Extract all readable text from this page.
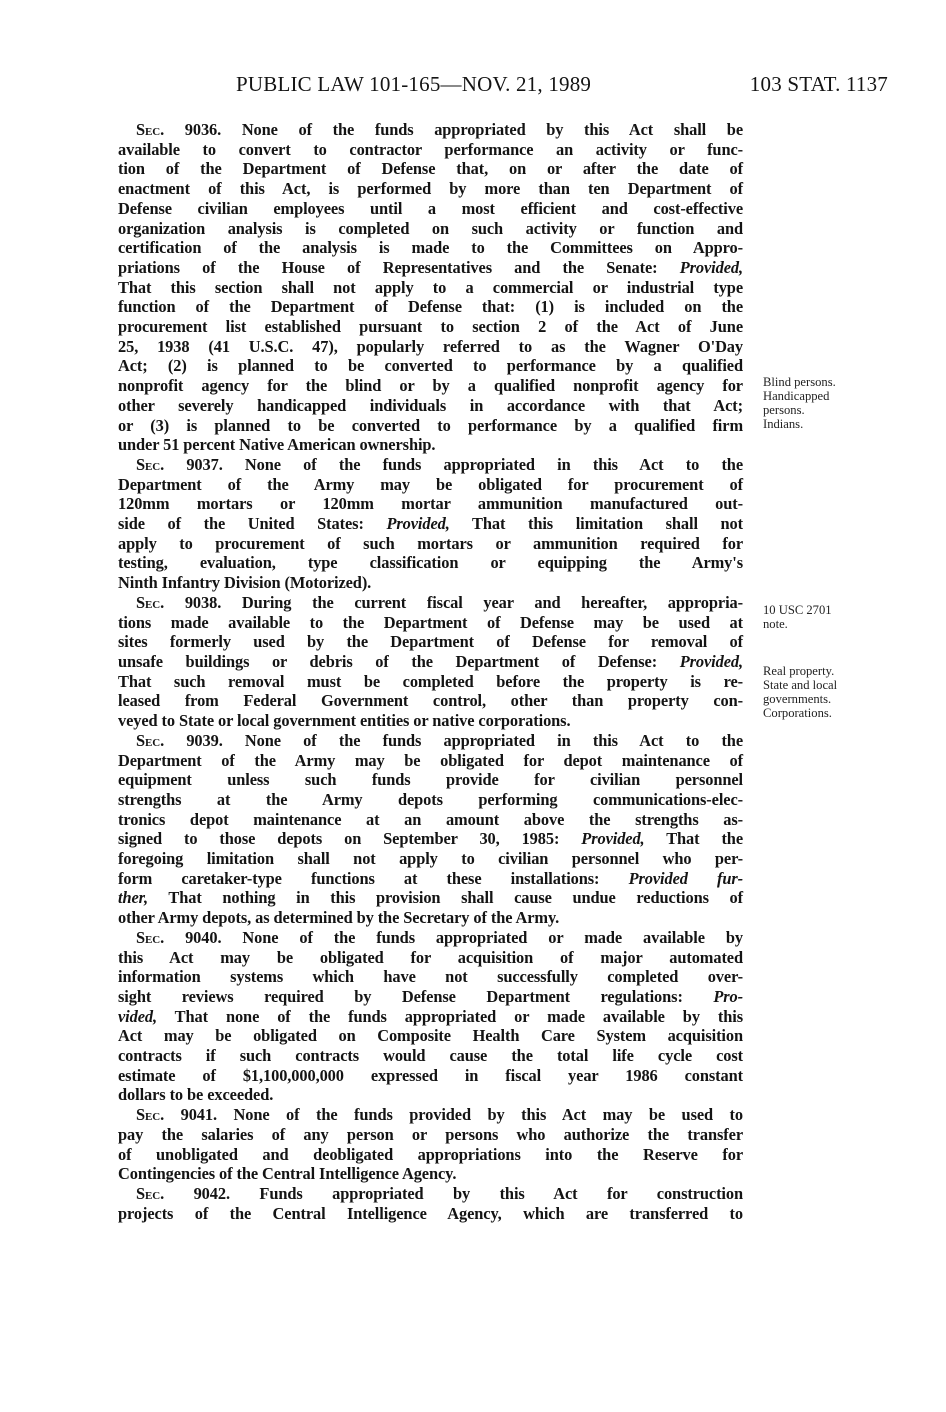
PUBLIC LAW 101-165—NOV. 21, 1989	103 STAT. 1137
Sec. 9036. None of the funds appropriated by this Act shall be
available to convert to contractor performance an activity or func-
tion of the Department of Defense that, on or after the date of
enactment of this Act, is performed by more than ten Department of
Defense civilian employees until a most efficient and cost-effective
organization analysis is completed on such activity or function and
certification of the analysis is made to the Committees on Appro-
priations of the House of Representatives and the Senate: Provided,
That this section shall not apply to a commercial or industrial type
function of the Department of Defense that: (1) is included on the
procurement list established pursuant to section 2 of the Act of June
25, 1938 (41 U.S.C. 47), popularly referred to as the Wagner O'Day
Act; (2) is planned to be converted to performance by a qualified
nonprofit agency for the blind or by a qualified nonprofit agency for
other severely handicapped individuals in accordance with that Act;
or (3) is planned to be converted to performance by a qualified firm
under 51 percent Native American ownership.
Sec. 9037. None of the funds appropriated in this Act to the
Department of the Army may be obligated for procurement of
120mm mortars or 120mm mortar ammunition manufactured out-
side of the United States: Provided, That this limitation shall not
apply to procurement of such mortars or ammunition required for
testing, evaluation, type classification or equipping the Army's
Ninth Infantry Division (Motorized).
Sec. 9038. During the current fiscal year and hereafter, appropria-
tions made available to the Department of Defense may be used at
sites formerly used by the Department of Defense for removal of
unsafe buildings or debris of the Department of Defense: Provided,
That such removal must be completed before the property is re-
leased from Federal Government control, other than property con-
veyed to State or local government entities or native corporations.
Sec. 9039. None of the funds appropriated in this Act to the
Department of the Army may be obligated for depot maintenance of
equipment unless such funds provide for civilian personnel
strengths at the Army depots performing communications-elec-
tronics depot maintenance at an amount above the strengths as-
signed to those depots on September 30, 1985: Provided, That the
foregoing limitation shall not apply to civilian personnel who per-
form caretaker-type functions at these installations: Provided fur-
ther, That nothing in this provision shall cause undue reductions of
other Army depots, as determined by the Secretary of the Army.
Sec. 9040. None of the funds appropriated or made available by
this Act may be obligated for acquisition of major automated
information systems which have not successfully completed over-
sight reviews required by Defense Department regulations: Pro-
vided, That none of the funds appropriated or made available by this
Act may be obligated on Composite Health Care System acquisition
contracts if such contracts would cause the total life cycle cost
estimate of $1,100,000,000 expressed in fiscal year 1986 constant
dollars to be exceeded.
Sec. 9041. None of the funds provided by this Act may be used to
pay the salaries of any person or persons who authorize the transfer
of unobligated and deobligated appropriations into the Reserve for
Contingencies of the Central Intelligence Agency.
Sec. 9042. Funds appropriated by this Act for construction
projects of the Central Intelligence Agency, which are transferred to
Blind persons.
Handicapped
persons.
Indians.
10 USC 2701
note.
Real property.
State and local
governments.
Corporations.
